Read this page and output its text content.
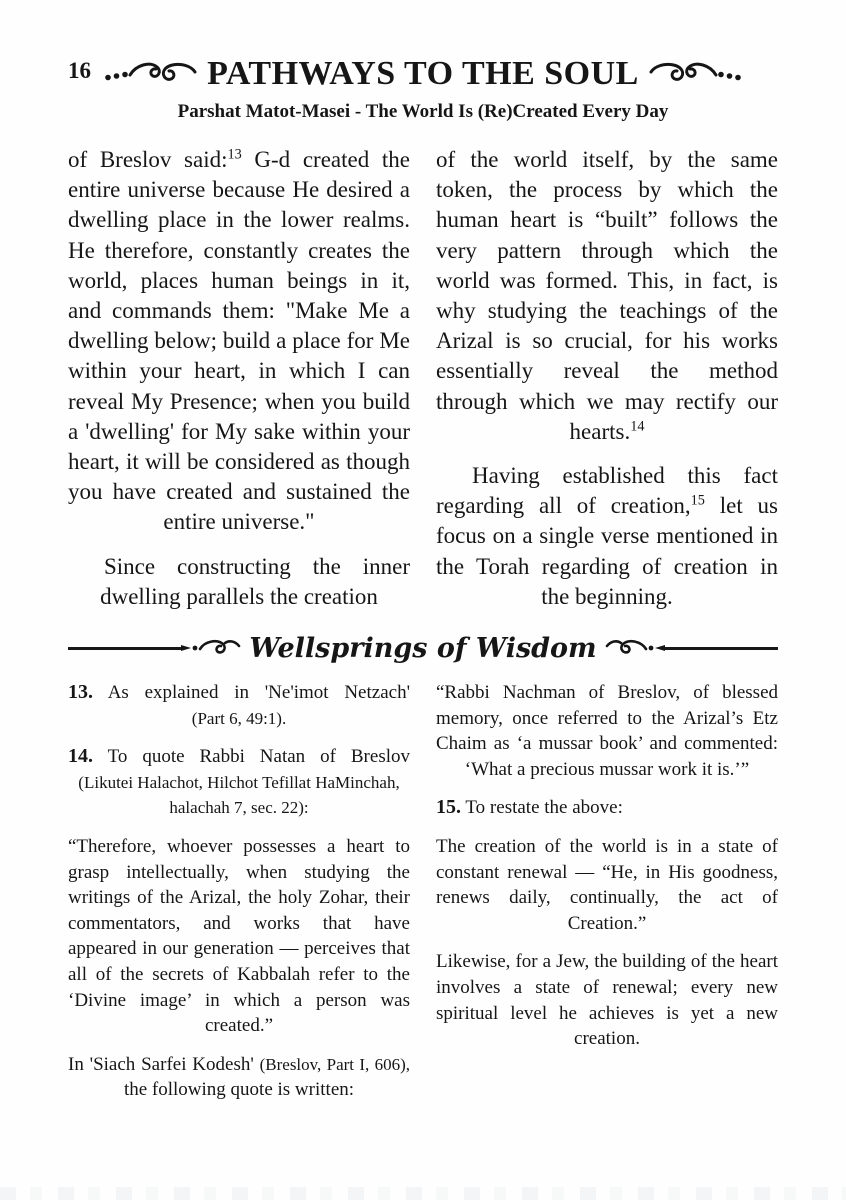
16	PATHWAYS TO THE SOUL
Parshat Matot-Masei - The World Is (Re)Created Every Day

of Breslov said:$^{13}$ G-d created the entire universe because He desired a dwelling place in the lower realms. He therefore, constantly creates the world, places human beings in it, and commands them: "Make Me a dwelling below; build a place for Me within your heart, in which I can reveal My Presence; when you build a 'dwelling' for My sake within your heart, it will be considered as though you have created and sustained the entire universe."

Since constructing the inner dwelling parallels the creation

of the world itself, by the same token, the process by which the human heart is “built” follows the very pattern through which the world was formed. This, in fact, is why studying the teachings of the Arizal is so crucial, for his works essentially reveal the method through which we may rectify our hearts.$^{14}$

Having established this fact regarding all of creation,$^{15}$ let us focus on a single verse mentioned in the Torah regarding of creation in the beginning.

Wellsprings of Wisdom

13. As explained in 'Ne'imot Netzach'
(Part 6, 49:1).

14. To quote Rabbi Natan of Breslov
(Likutei Halachot, Hilchot Tefillat HaMinchah, halachah 7, sec. 22):

“Therefore, whoever possesses a heart to grasp intellectually, when studying the writings of the Arizal, the holy Zohar, their commentators, and works that have appeared in our generation — perceives that all of the secrets of Kabbalah refer to the ‘Divine image’ in which a person was created.”

In 'Siach Sarfei Kodesh' (Breslov, Part I, 606), the following quote is written:

“Rabbi Nachman of Breslov, of blessed memory, once referred to the Arizal’s Etz Chaim as ‘a mussar book’ and commented: ‘What a precious mussar work it is.’”

15. To restate the above:

The creation of the world is in a state of constant renewal — “He, in His goodness, renews daily, continually, the act of Creation.”

Likewise, for a Jew, the building of the heart involves a state of renewal; every new spiritual level he achieves is yet a new creation.
